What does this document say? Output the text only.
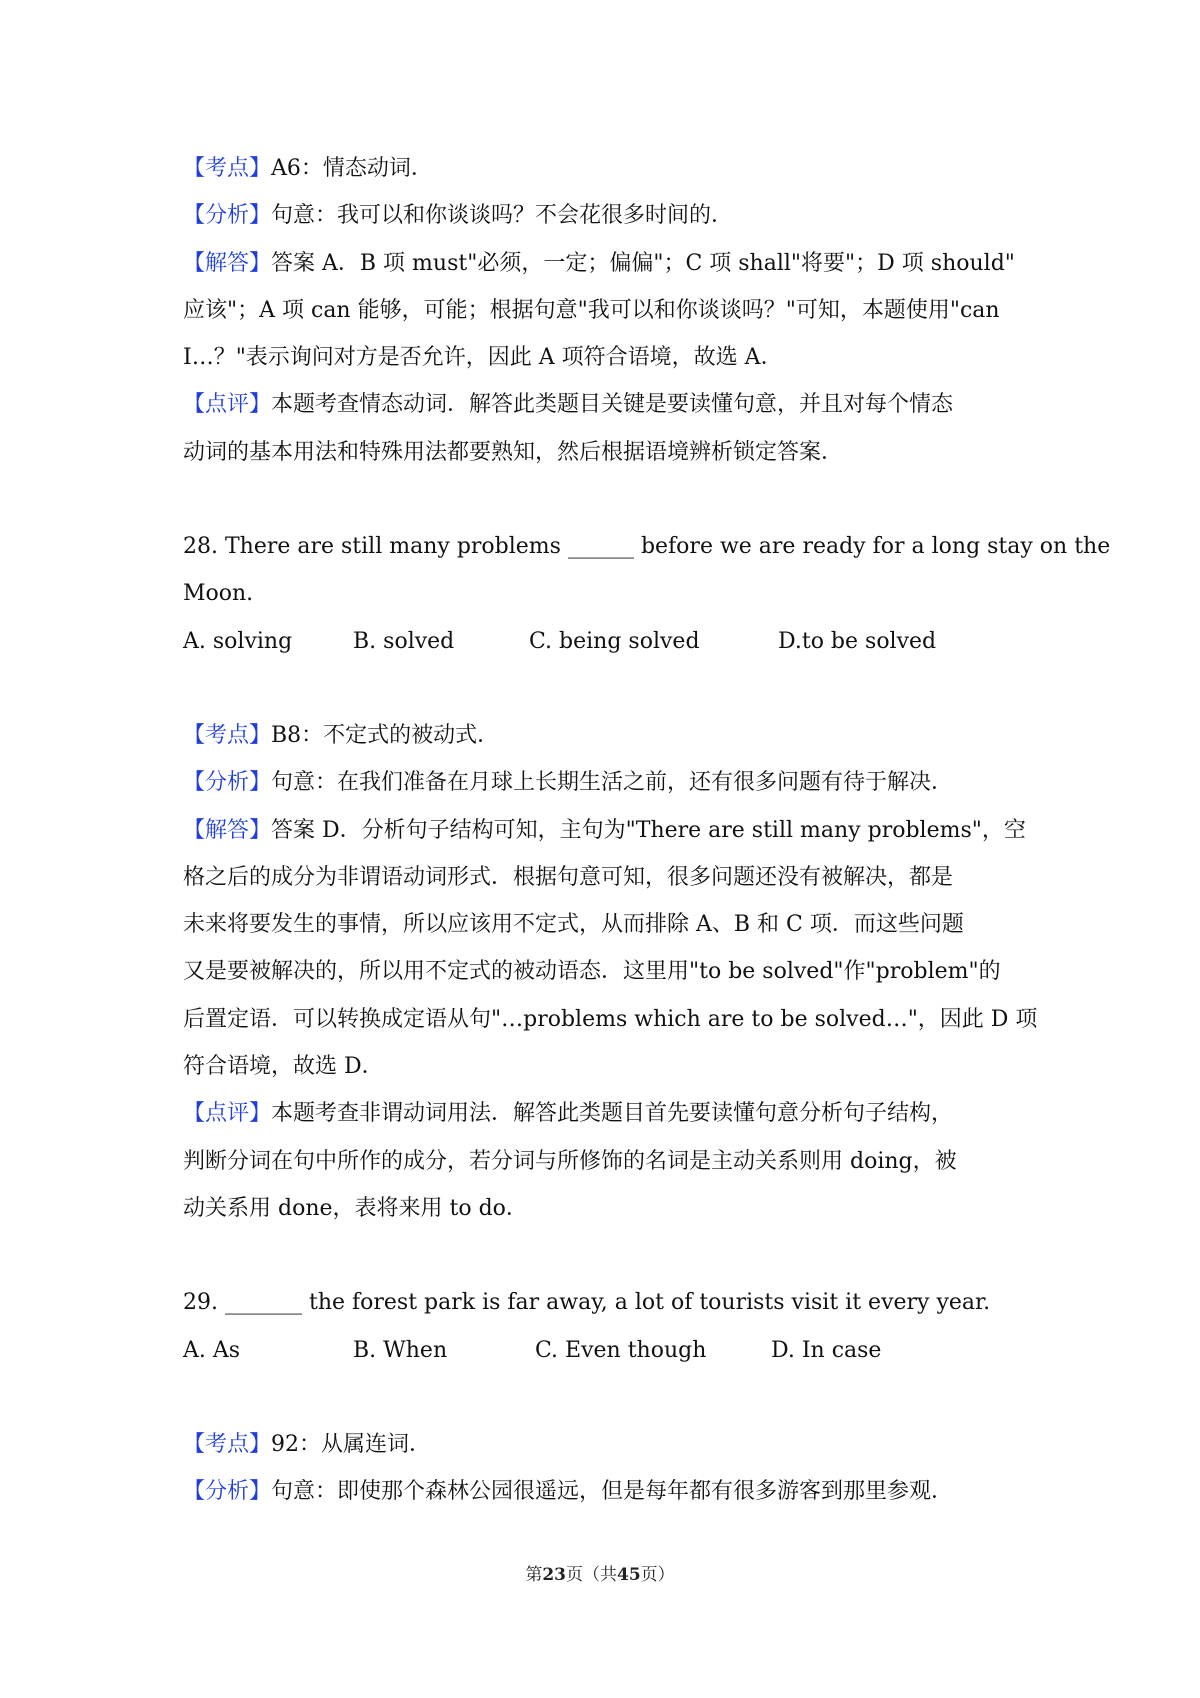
【考点】A6：情态动词．
【分析】句意：我可以和你谈谈吗？不会花很多时间的．
【解答】答案 A．B 项 must"必须，一定；偏偏"；C 项 shall"将要"；D 项 should"
应该"；A 项 can 能够，可能；根据句意"我可以和你谈谈吗？"可知，本题使用"can
I…？"表示询问对方是否允许，因此 A 项符合语境，故选 A．
【点评】本题考查情态动词．解答此类题目关键是要读懂句意，并且对每个情态
动词的基本用法和特殊用法都要熟知，然后根据语境辨析锁定答案．
28. There are still many problems ______ before we are ready for a long stay on the
Moon.
A. solving	B. solved	C. being solved	D.to be solved
【考点】B8：不定式的被动式．
【分析】句意：在我们准备在月球上长期生活之前，还有很多问题有待于解决．
【解答】答案 D．分析句子结构可知，主句为"There are still many problems"，空
格之后的成分为非谓语动词形式．根据句意可知，很多问题还没有被解决，都是
未来将要发生的事情，所以应该用不定式，从而排除 A、B 和 C 项．而这些问题
又是要被解决的，所以用不定式的被动语态．这里用"to be solved"作"problem"的
后置定语．可以转换成定语从句"…problems which are to be solved…"，因此 D 项
符合语境，故选 D．
【点评】本题考查非谓动词用法．解答此类题目首先要读懂句意分析句子结构，
判断分词在句中所作的成分，若分词与所修饰的名词是主动关系则用 doing，被
动关系用 done，表将来用 to do．
29. _______ the forest park is far away, a lot of tourists visit it every year.
A. As	B. When	C. Even though	D. In case
【考点】92：从属连词．
【分析】句意：即使那个森林公园很遥远，但是每年都有很多游客到那里参观．
第23页（共45页）
